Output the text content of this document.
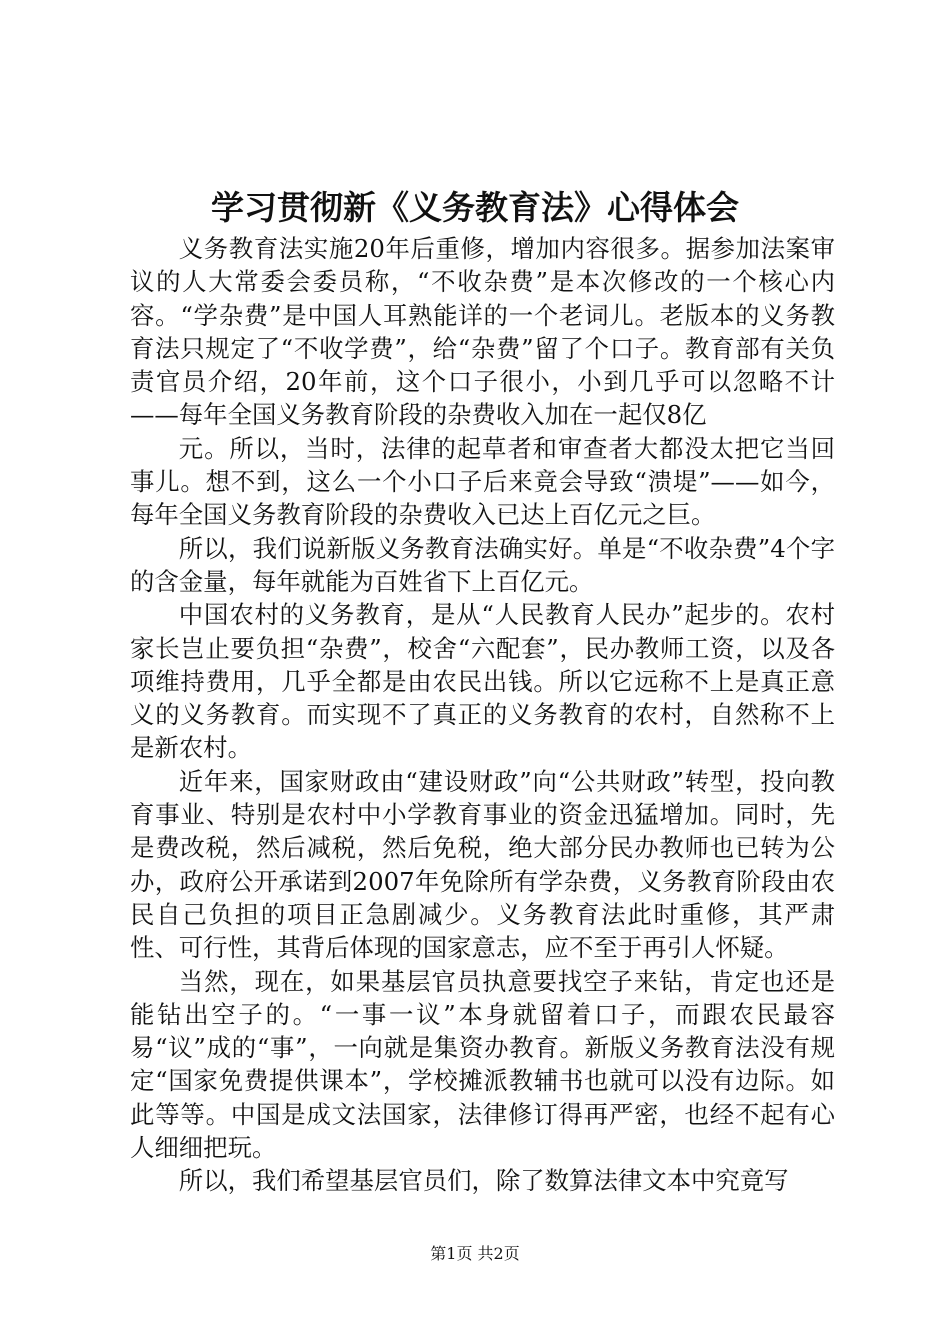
学习贯彻新《义务教育法》心得体会

义务教育法实施20年后重修，增加内容很多。据参加法案审议的人大常委会委员称，“不收杂费”是本次修改的一个核心内容。“学杂费”是中国人耳熟能详的一个老词儿。老版本的义务教育法只规定了“不收学费”，给“杂费”留了个口子。教育部有关负责官员介绍，20年前，这个口子很小，小到几乎可以忽略不计——每年全国义务教育阶段的杂费收入加在一起仅8亿

元。所以，当时，法律的起草者和审查者大都没太把它当回事儿。想不到，这么一个小口子后来竟会导致“溃堤”——如今，每年全国义务教育阶段的杂费收入已达上百亿元之巨。

所以，我们说新版义务教育法确实好。单是“不收杂费”4个字的含金量，每年就能为百姓省下上百亿元。

中国农村的义务教育，是从“人民教育人民办”起步的。农村家长岂止要负担“杂费”，校舍“六配套”，民办教师工资，以及各项维持费用，几乎全都是由农民出钱。所以它远称不上是真正意义的义务教育。而实现不了真正的义务教育的农村，自然称不上是新农村。

近年来，国家财政由“建设财政”向“公共财政”转型，投向教育事业、特别是农村中小学教育事业的资金迅猛增加。同时，先是费改税，然后减税，然后免税，绝大部分民办教师也已转为公办，政府公开承诺到2007年免除所有学杂费，义务教育阶段由农民自己负担的项目正急剧减少。义务教育法此时重修，其严肃性、可行性，其背后体现的国家意志，应不至于再引人怀疑。

当然，现在，如果基层官员执意要找空子来钻，肯定也还是能钻出空子的。“一事一议”本身就留着口子，而跟农民最容易“议”成的“事”，一向就是集资办教育。新版义务教育法没有规定“国家免费提供课本”，学校摊派教辅书也就可以没有边际。如此等等。中国是成文法国家，法律修订得再严密，也经不起有心人细细把玩。

所以，我们希望基层官员们，除了数算法律文本中究竟写

第1页 共2页
